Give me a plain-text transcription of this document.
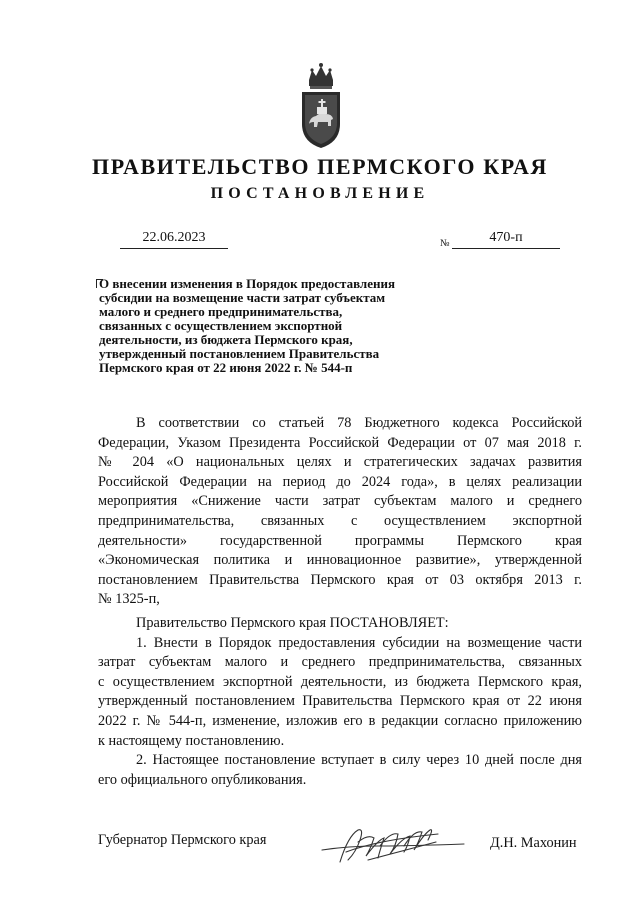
ПРАВИТЕЛЬСТВО ПЕРМСКОГО КРАЯ
ПОСТАНОВЛЕНИЕ
22.06.2023	№	470-п
О внесении изменения в Порядок предоставления
субсидии на возмещение части затрат субъектам
малого и среднего предпринимательства,
связанных с осуществлением экспортной
деятельности, из бюджета Пермского края,
утвержденный постановлением Правительства
Пермского края от 22 июня 2022 г. № 544-п
В соответствии со статьей 78 Бюджетного кодекса Российской
Федерации, Указом Президента Российской Федерации от 07 мая 2018 г.
№ 204 «О национальных целях и стратегических задачах развития
Российской Федерации на период до 2024 года», в целях реализации
мероприятия «Снижение части затрат субъектам малого и среднего
предпринимательства, связанных с осуществлением экспортной
деятельности» государственной программы Пермского края
«Экономическая политика и инновационное развитие», утвержденной
постановлением Правительства Пермского края от 03 октября 2013 г.
№ 1325-п,
Правительство Пермского края ПОСТАНОВЛЯЕТ:
1. Внести в Порядок предоставления субсидии на возмещение части
затрат субъектам малого и среднего предпринимательства, связанных
с осуществлением экспортной деятельности, из бюджета Пермского края,
утвержденный постановлением Правительства Пермского края от 22 июня
2022 г. № 544-п, изменение, изложив его в редакции согласно приложению
к настоящему постановлению.
2. Настоящее постановление вступает в силу через 10 дней после дня
его официального опубликования.
Губернатор Пермского края	Д.Н. Махонин
